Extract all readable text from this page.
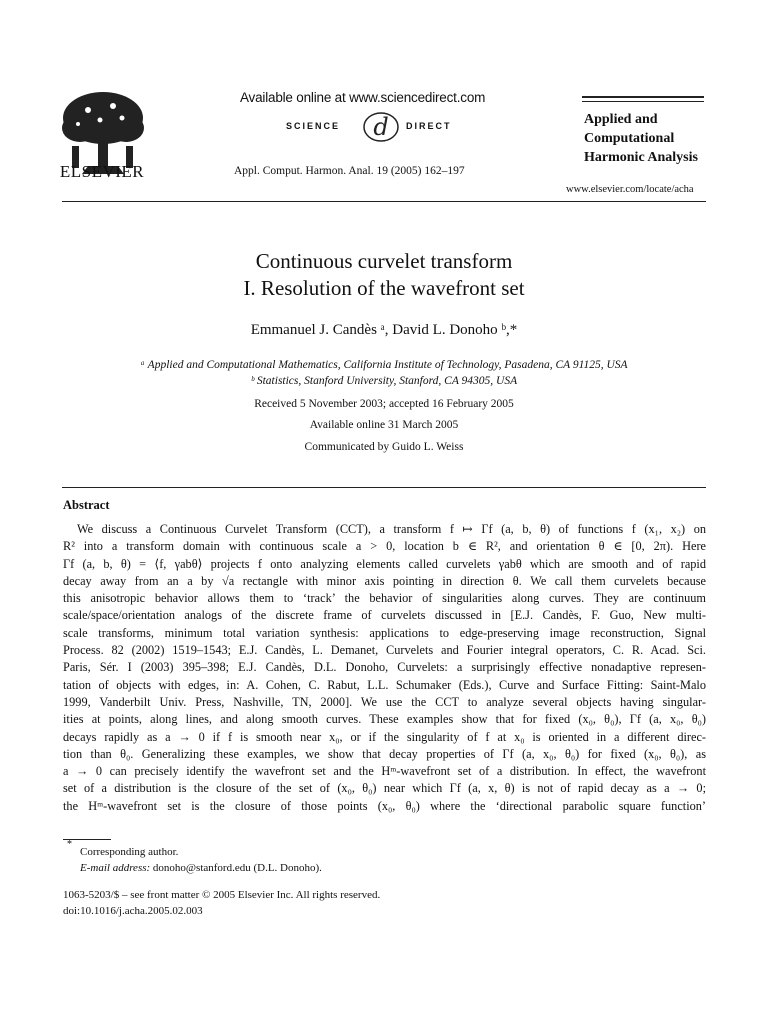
ELSEVIER
Available online at www.sciencedirect.com
SCIENCE d DIRECT
Appl. Comput. Harmon. Anal. 19 (2005) 162–197
Applied and
Computational
Harmonic Analysis
www.elsevier.com/locate/acha
Continuous curvelet transform
I. Resolution of the wavefront set
Emmanuel J. Candès ᵃ, David L. Donoho ᵇ,*
ᵃ Applied and Computational Mathematics, California Institute of Technology, Pasadena, CA 91125, USA
ᵇ Statistics, Stanford University, Stanford, CA 94305, USA
Received 5 November 2003; accepted 16 February 2005
Available online 31 March 2005
Communicated by Guido L. Weiss
Abstract
We discuss a Continuous Curvelet Transform (CCT), a transform f ↦ Γf (a, b, θ) of functions f (x₁, x₂) on
R² into a transform domain with continuous scale a > 0, location b ∈ R², and orientation θ ∈ [0, 2π). Here
Γf (a, b, θ) = ⟨f, γabθ⟩ projects f onto analyzing elements called curvelets γabθ which are smooth and of rapid
decay away from an a by √a rectangle with minor axis pointing in direction θ. We call them curvelets because
this anisotropic behavior allows them to ‘track’ the behavior of singularities along curves. They are continuum
scale/space/orientation analogs of the discrete frame of curvelets discussed in [E.J. Candès, F. Guo, New multi-
scale transforms, minimum total variation synthesis: applications to edge-preserving image reconstruction, Signal
Process. 82 (2002) 1519–1543; E.J. Candès, L. Demanet, Curvelets and Fourier integral operators, C. R. Acad. Sci.
Paris, Sér. I (2003) 395–398; E.J. Candès, D.L. Donoho, Curvelets: a surprisingly effective nonadaptive represen-
tation of objects with edges, in: A. Cohen, C. Rabut, L.L. Schumaker (Eds.), Curve and Surface Fitting: Saint-Malo
1999, Vanderbilt Univ. Press, Nashville, TN, 2000]. We use the CCT to analyze several objects having singular-
ities at points, along lines, and along smooth curves. These examples show that for fixed (x₀, θ₀), Γf (a, x₀, θ₀)
decays rapidly as a → 0 if f is smooth near x₀, or if the singularity of f at x₀ is oriented in a different direc-
tion than θ₀. Generalizing these examples, we show that decay properties of Γf (a, x₀, θ₀) for fixed (x₀, θ₀), as
a → 0 can precisely identify the wavefront set and the Hᵐ-wavefront set of a distribution. In effect, the wavefront
set of a distribution is the closure of the set of (x₀, θ₀) near which Γf (a, x, θ) is not of rapid decay as a → 0;
the Hᵐ-wavefront set is the closure of those points (x₀, θ₀) where the ‘directional parabolic square function’
*
Corresponding author.
E-mail address: donoho@stanford.edu (D.L. Donoho).
1063-5203/$ – see front matter © 2005 Elsevier Inc. All rights reserved.
doi:10.1016/j.acha.2005.02.003
